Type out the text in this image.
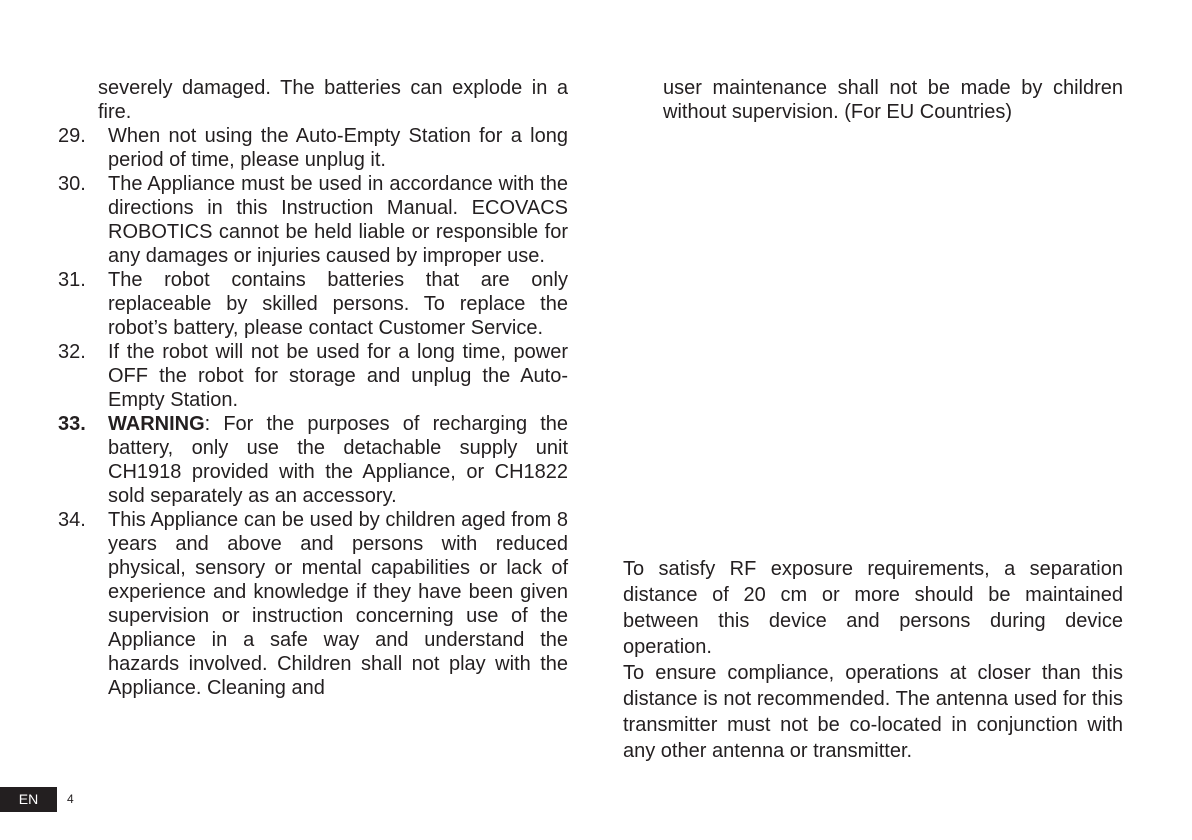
severely damaged. The batteries can explode in a fire.
29. When not using the Auto-Empty Station for a long period of time, please unplug it.
30. The Appliance must be used in accordance with the directions in this Instruction Manual. ECOVACS ROBOTICS cannot be held liable or responsible for any damages or injuries caused by improper use.
31. The robot contains batteries that are only replaceable by skilled persons. To replace the robot’s battery, please contact Customer Service.
32. If the robot will not be used for a long time, power OFF the robot for storage and unplug the Auto-Empty Station.
33. WARNING: For the purposes of recharging the battery, only use the detachable supply unit CH1918 provided with the Appliance, or CH1822 sold separately as an accessory.
34. This Appliance can be used by children aged from 8 years and above and persons with reduced physical, sensory or mental capabilities or lack of experience and knowledge if they have been given supervision or instruction concerning use of the Appliance in a safe way and understand the hazards involved. Children shall not play with the Appliance. Cleaning and
user maintenance shall not be made by children without supervision. (For EU Countries)

To satisfy RF exposure requirements, a separation distance of 20 cm or more should be maintained between this device and persons during device operation.

To ensure compliance, operations at closer than this distance is not recommended. The antenna used for this transmitter must not be co-located in conjunction with any other antenna or transmitter.

EN	4
